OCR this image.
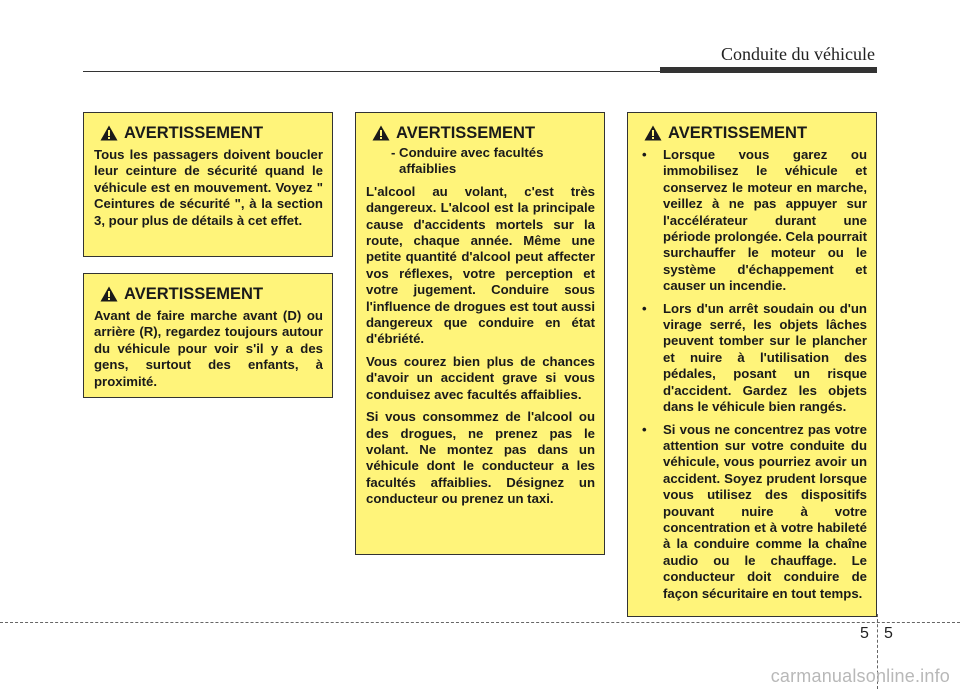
Conduite du véhicule
AVERTISSEMENT
Tous les passagers doivent boucler leur ceinture de sécurité quand le véhicule est en mouvement. Voyez " Ceintures de sécurité ", à la section 3, pour plus de détails à cet effet.
AVERTISSEMENT
Avant de faire marche avant (D) ou arrière (R), regardez toujours autour du véhicule pour voir s'il y a des gens, surtout des enfants, à proximité.
AVERTISSEMENT
- Conduire avec facultés affaiblies
L'alcool au volant, c'est très dangereux. L'alcool est la principale cause d'accidents mortels sur la route, chaque année. Même une petite quantité d'alcool peut affecter vos réflexes, votre perception et votre jugement. Conduire sous l'influence de drogues est tout aussi dangereux que conduire en état d'ébriété.
Vous courez bien plus de chances d'avoir un accident grave si vous conduisez avec facultés affaiblies.
Si vous consommez de l'alcool ou des drogues, ne prenez pas le volant. Ne montez pas dans un véhicule dont le conducteur a les facultés affaiblies. Désignez un conducteur ou prenez un taxi.
AVERTISSEMENT
• Lorsque vous garez ou immobilisez le véhicule et conservez le moteur en marche, veillez à ne pas appuyer sur l'accélérateur durant une période prolongée. Cela pourrait surchauffer le moteur ou le système d'échappement et causer un incendie.
• Lors d'un arrêt soudain ou d'un virage serré, les objets lâches peuvent tomber sur le plancher et nuire à l'utilisation des pédales, posant un risque d'accident. Gardez les objets dans le véhicule bien rangés.
• Si vous ne concentrez pas votre attention sur votre conduite du véhicule, vous pourriez avoir un accident. Soyez prudent lorsque vous utilisez des dispositifs pouvant nuire à votre concentration et à votre habileté à la conduire comme la chaîne audio ou le chauffage. Le conducteur doit conduire de façon sécuritaire en tout temps.
5 5
carmanualsonline.info
